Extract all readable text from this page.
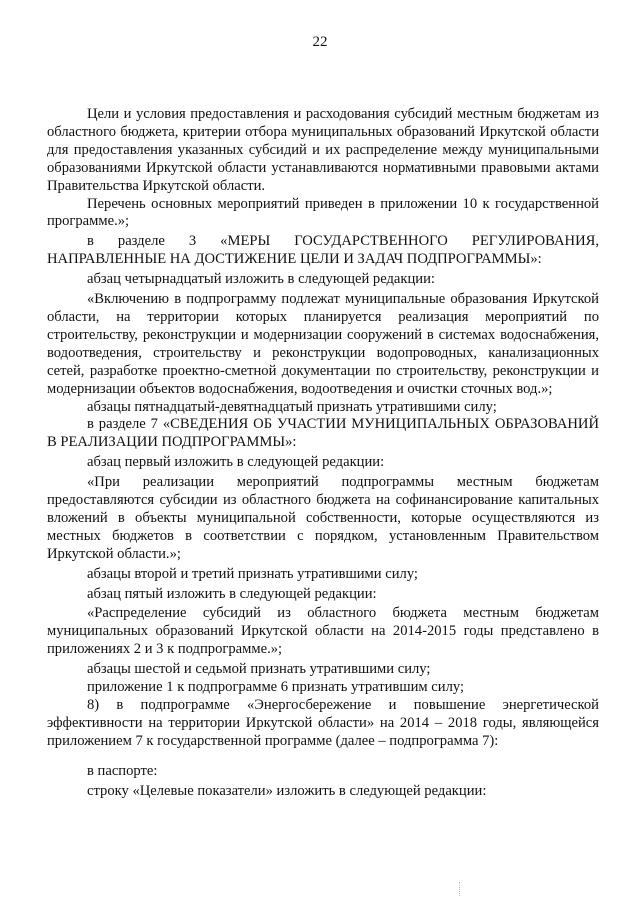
22

Цели и условия предоставления и расходования субсидий местным бюджетам из областного бюджета, критерии отбора муниципальных образований Иркутской области для предоставления указанных субсидий и их распределение между муниципальными образованиями Иркутской области устанавливаются нормативными правовыми актами Правительства Иркутской области.

Перечень основных мероприятий приведен в приложении 10 к государственной программе.»;

в разделе 3 «МЕРЫ ГОСУДАРСТВЕННОГО РЕГУЛИРОВАНИЯ, НАПРАВЛЕННЫЕ НА ДОСТИЖЕНИЕ ЦЕЛИ И ЗАДАЧ ПОДПРОГРАММЫ»:

абзац четырнадцатый изложить в следующей редакции:

«Включению в подпрограмму подлежат муниципальные образования Иркутской области, на территории которых планируется реализация мероприятий по строительству, реконструкции и модернизации сооружений в системах водоснабжения, водоотведения, строительству и реконструкции водопроводных, канализационных сетей, разработке проектно-сметной документации по строительству, реконструкции и модернизации объектов водоснабжения, водоотведения и очистки сточных вод.»;

абзацы пятнадцатый-девятнадцатый признать утратившими силу;

в разделе 7 «СВЕДЕНИЯ ОБ УЧАСТИИ МУНИЦИПАЛЬНЫХ ОБРАЗОВАНИЙ В РЕАЛИЗАЦИИ ПОДПРОГРАММЫ»:

абзац первый изложить в следующей редакции:

«При реализации мероприятий подпрограммы местным бюджетам предоставляются субсидии из областного бюджета на софинансирование капитальных вложений в объекты муниципальной собственности, которые осуществляются из местных бюджетов в соответствии с порядком, установленным Правительством Иркутской области.»;

абзацы второй и третий признать утратившими силу;

абзац пятый изложить в следующей редакции:

«Распределение субсидий из областного бюджета местным бюджетам муниципальных образований Иркутской области на 2014-2015 годы представлено в приложениях 2 и 3 к подпрограмме.»;

абзацы шестой и седьмой признать утратившими силу;

приложение 1 к подпрограмме 6 признать утратившим силу;

8) в подпрограмме «Энергосбережение и повышение энергетической эффективности на территории Иркутской области» на 2014 – 2018 годы, являющейся приложением 7 к государственной программе (далее – подпрограмма 7):

в паспорте:

строку «Целевые показатели» изложить в следующей редакции:
